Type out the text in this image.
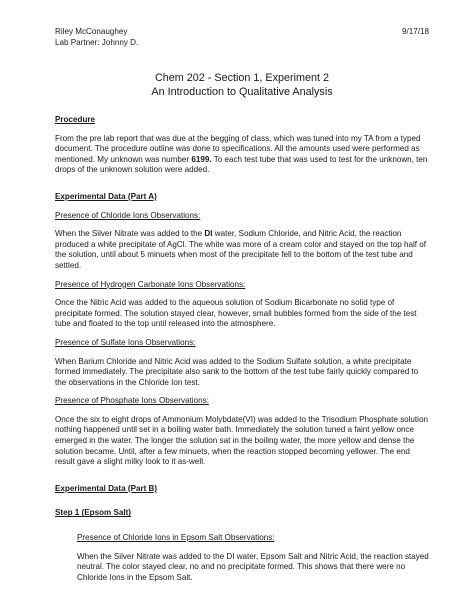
Riley McConaughey	9/17/18

Lab Partner: Johnny D.

Chem 202 - Section 1, Experiment 2
An Introduction to Qualitative Analysis

Procedure

From the pre lab report that was due at the begging of class, which was tuned into my TA from a typed document. The procedure outline was done to specifications. All the amounts used were performed as mentioned. My unknown was number 6199. To each test tube that was used to test for the unknown, ten drops of the unknown solution were added.

Experimental Data (Part A)

Presence of Chloride Ions Observations:

When the Silver Nitrate was added to the DI water, Sodium Chloride, and Nitric Acid, the reaction produced a white precipitate of AgCl. The white was more of a cream color and stayed on the top half of the solution, until about 5 minuets when most of the precipitate fell to the bottom of the test tube and settled.

Presence of Hydrogen Carbonate Ions Observations:

Once the Nitric Acid was added to the aqueous solution of Sodium Bicarbonate no solid type of precipitate formed. The solution stayed clear, however, small bubbles formed from the side of the test tube and floated to the top until released into the atmosphere.

Presence of Sulfate Ions Observations:

When Barium Chloride and Nitric Acid was added to the Sodium Sulfate solution, a white precipitate formed immediately. The precipitate also sank to the bottom of the test tube fairly quickly compared to the observations in the Chloride Ion test.

Presence of Phosphate Ions Observations:

Once the six to eight drops of Ammonium Molybdate(VI) was added to the Trisodium Phosphate solution nothing happened until set in a boiling water bath. Immediately the solution tuned a faint yellow once emerged in the water. The longer the solution sat in the boiling water, the more yellow and dense the solution became. Until, after a few minuets, when the reaction stopped becoming yellower. The end result gave a slight milky look to it as-well.

Experimental Data (Part B)

Step 1 (Epsom Salt)

Presence of Chloride Ions in Epsom Salt Observations:

When the Silver Nitrate was added to the DI water, Epsom Salt and Nitric Acid, the reaction stayed neutral. The color stayed clear, no and no precipitate formed. This shows that there were no Chloride Ions in the Epsom Salt.
